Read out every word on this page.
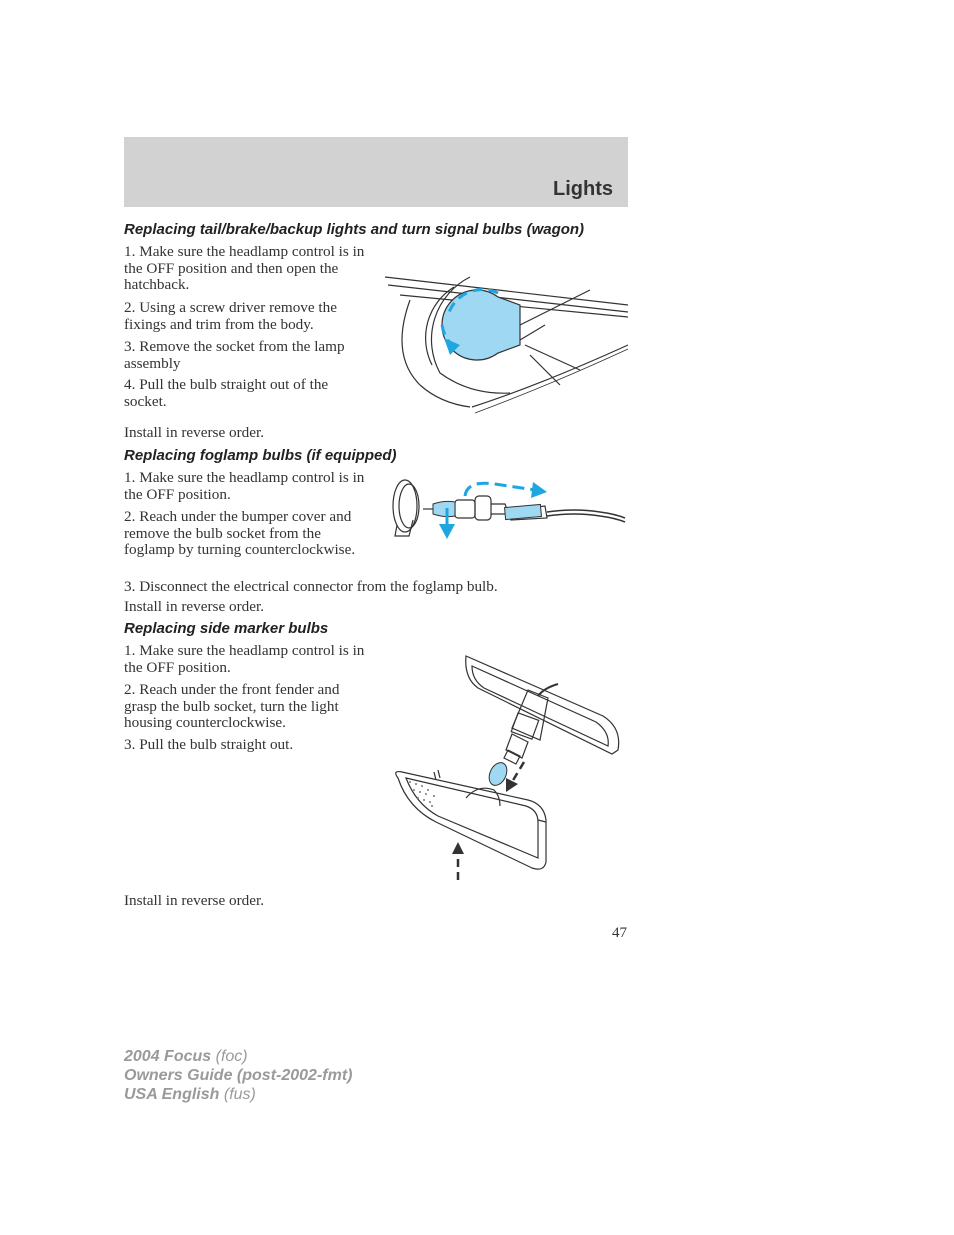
Lights
Replacing tail/brake/backup lights and turn signal bulbs (wagon)
1. Make sure the headlamp control is in the OFF position and then open the hatchback.
2. Using a screw driver remove the fixings and trim from the body.
3. Remove the socket from the lamp assembly
4. Pull the bulb straight out of the socket.
Install in reverse order.
Replacing foglamp bulbs (if equipped)
1. Make sure the headlamp control is in the OFF position.
2. Reach under the bumper cover and remove the bulb socket from the foglamp by turning counterclockwise.
3. Disconnect the electrical connector from the foglamp bulb.
Install in reverse order.
Replacing side marker bulbs
1. Make sure the headlamp control is in the OFF position.
2. Reach under the front fender and grasp the bulb socket, turn the light housing counterclockwise.
3. Pull the bulb straight out.
Install in reverse order.
47
2004 Focus (foc)
Owners Guide (post-2002-fmt)
USA English (fus)
